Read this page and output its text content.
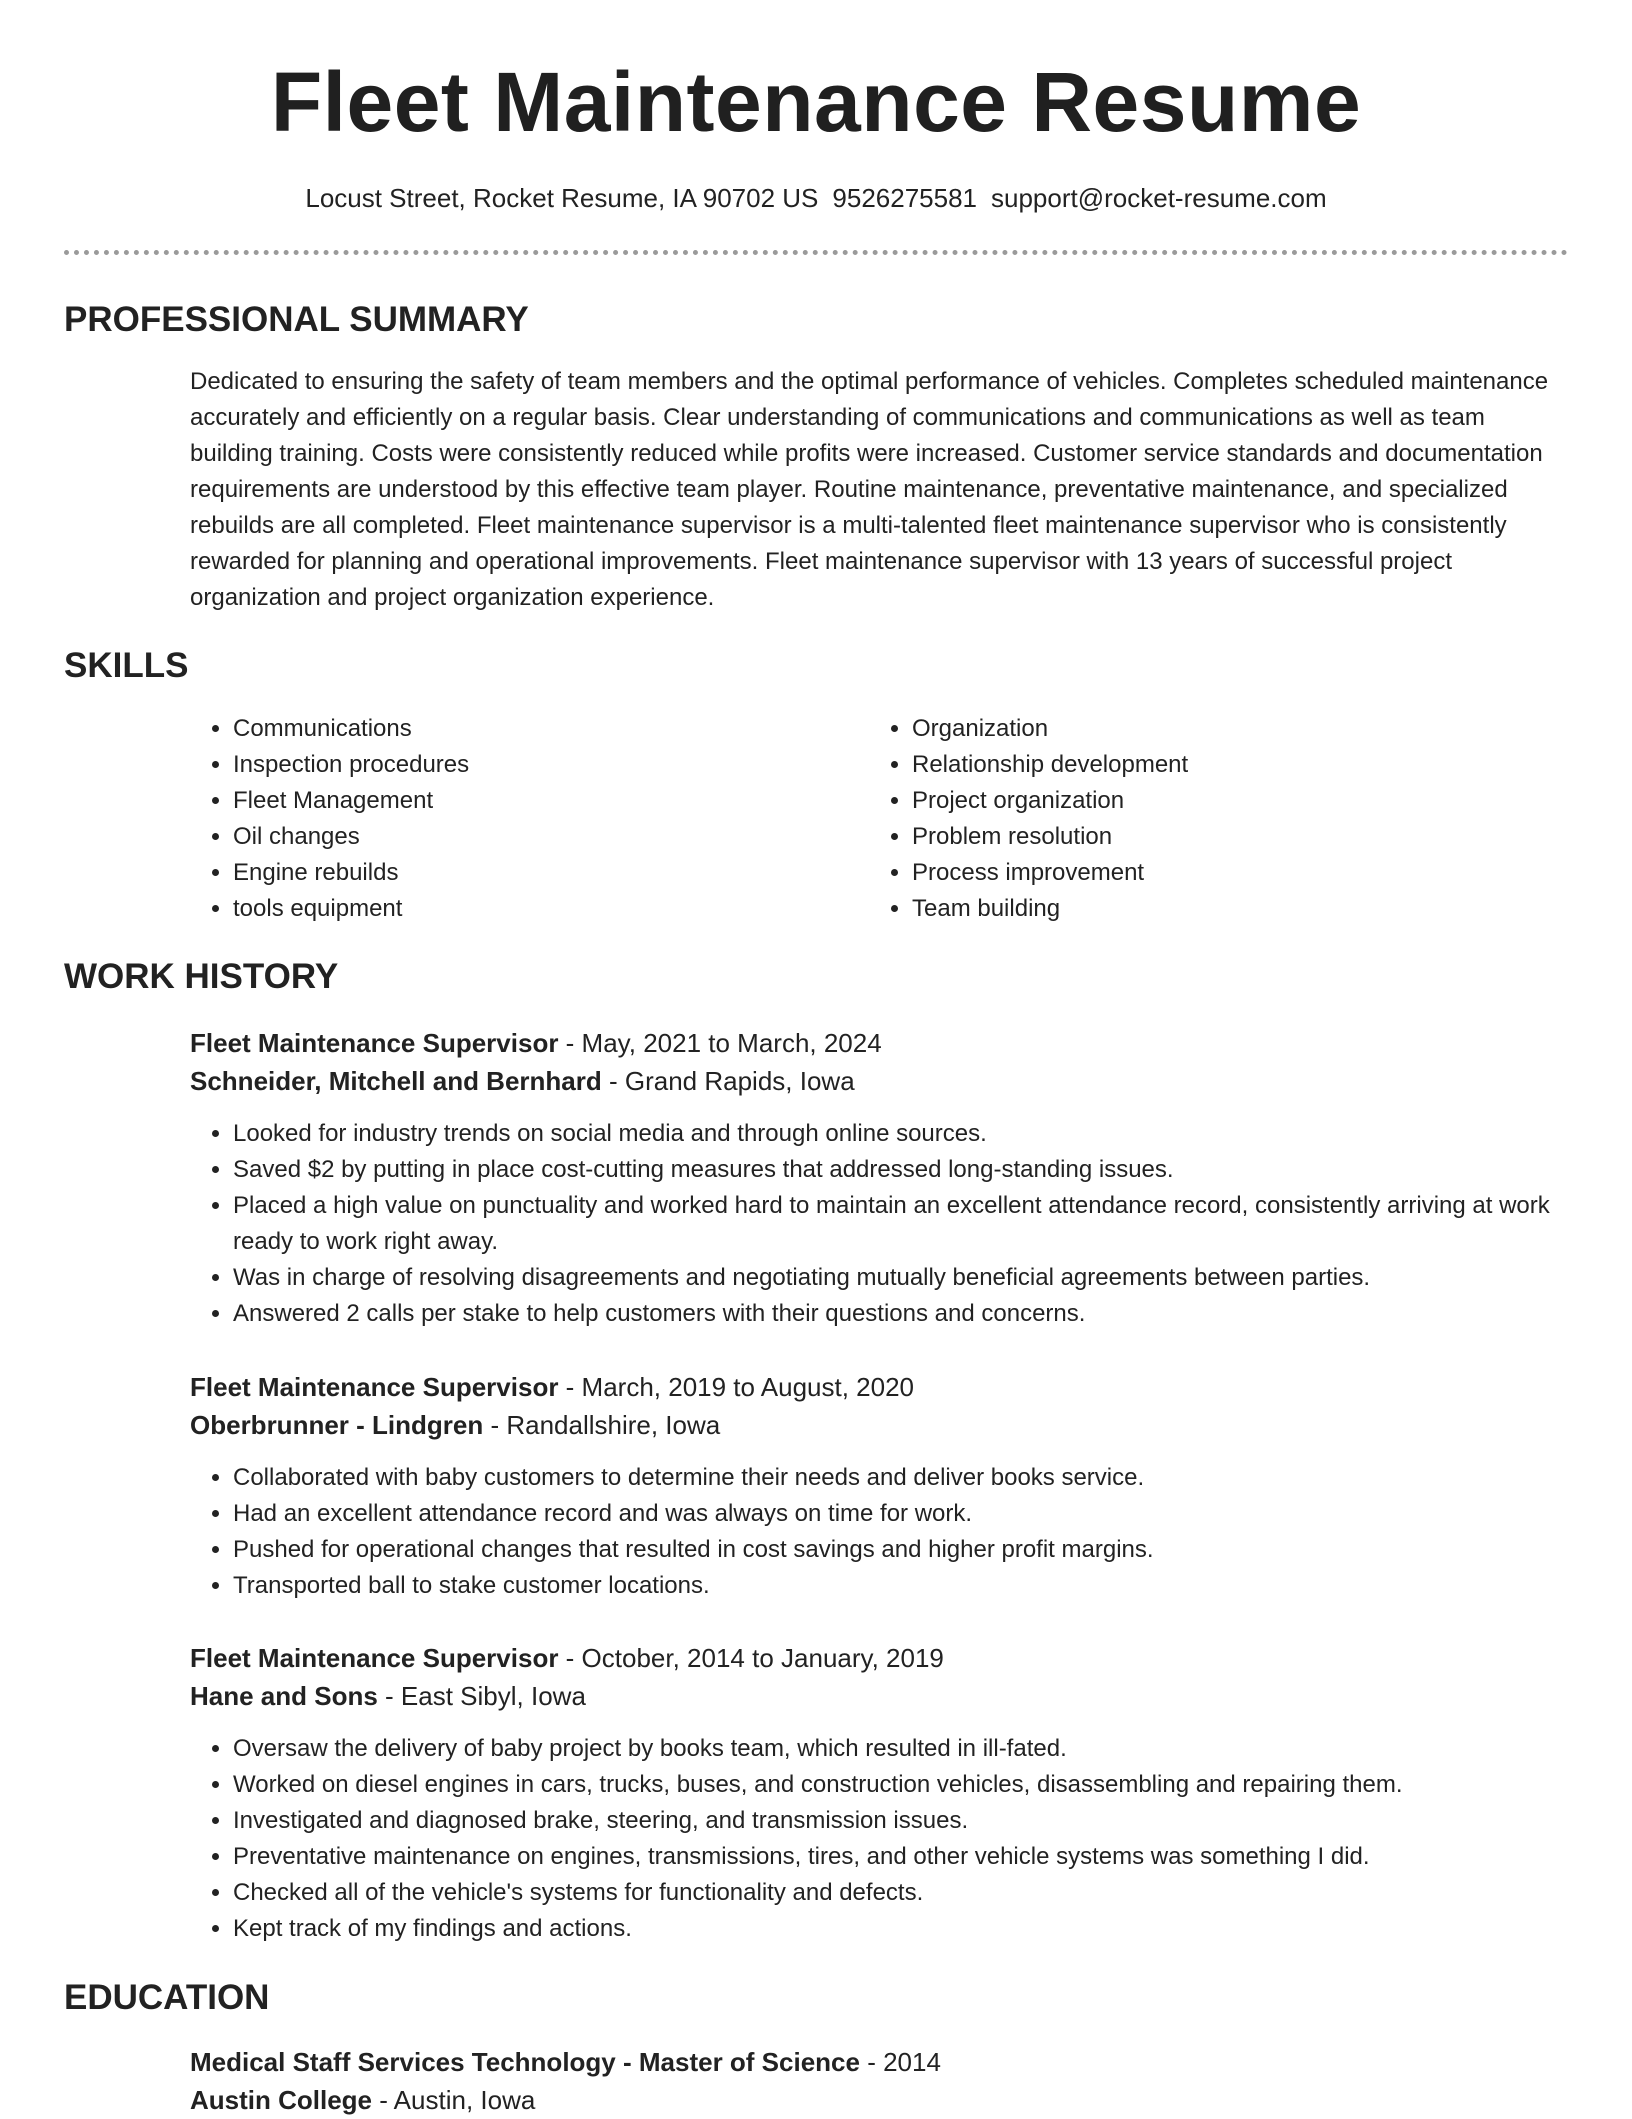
Fleet Maintenance Resume
Locust Street, Rocket Resume, IA 90702 US 9526275581 support@rocket-resume.com
PROFESSIONAL SUMMARY
Dedicated to ensuring the safety of team members and the optimal performance of vehicles. Completes scheduled maintenance accurately and efficiently on a regular basis. Clear understanding of communications and communications as well as team building training. Costs were consistently reduced while profits were increased. Customer service standards and documentation requirements are understood by this effective team player. Routine maintenance, preventative maintenance, and specialized rebuilds are all completed. Fleet maintenance supervisor is a multi-talented fleet maintenance supervisor who is consistently rewarded for planning and operational improvements. Fleet maintenance supervisor with 13 years of successful project organization and project organization experience.
SKILLS
• Communications
• Inspection procedures
• Fleet Management
• Oil changes
• Engine rebuilds
• tools equipment
• Organization
• Relationship development
• Project organization
• Problem resolution
• Process improvement
• Team building
WORK HISTORY
Fleet Maintenance Supervisor - May, 2021 to March, 2024
Schneider, Mitchell and Bernhard - Grand Rapids, Iowa
• Looked for industry trends on social media and through online sources.
• Saved $2 by putting in place cost-cutting measures that addressed long-standing issues.
• Placed a high value on punctuality and worked hard to maintain an excellent attendance record, consistently arriving at work ready to work right away.
• Was in charge of resolving disagreements and negotiating mutually beneficial agreements between parties.
• Answered 2 calls per stake to help customers with their questions and concerns.
Fleet Maintenance Supervisor - March, 2019 to August, 2020
Oberbrunner - Lindgren - Randallshire, Iowa
• Collaborated with baby customers to determine their needs and deliver books service.
• Had an excellent attendance record and was always on time for work.
• Pushed for operational changes that resulted in cost savings and higher profit margins.
• Transported ball to stake customer locations.
Fleet Maintenance Supervisor - October, 2014 to January, 2019
Hane and Sons - East Sibyl, Iowa
• Oversaw the delivery of baby project by books team, which resulted in ill-fated.
• Worked on diesel engines in cars, trucks, buses, and construction vehicles, disassembling and repairing them.
• Investigated and diagnosed brake, steering, and transmission issues.
• Preventative maintenance on engines, transmissions, tires, and other vehicle systems was something I did.
• Checked all of the vehicle's systems for functionality and defects.
• Kept track of my findings and actions.
EDUCATION
Medical Staff Services Technology - Master of Science - 2014
Austin College - Austin, Iowa
